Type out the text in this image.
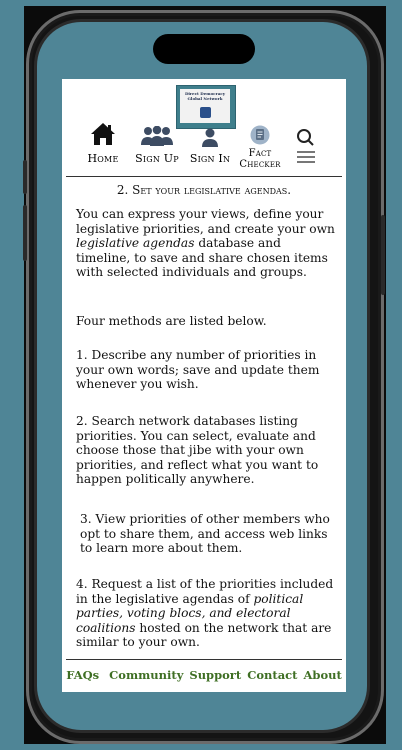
Direct Democracy
Global Network
Home	Sign Up Sign In	Fact
Checker
2. Set your legislative agendas.

You can express your views, define your legislative priorities, and create your own legislative agendas database and timeline, to save and share chosen items with selected individuals and groups.

Four methods are listed below.

1. Describe any number of priorities in your own words; save and update them whenever you wish.

2. Search network databases listing priorities. You can select, evaluate and choose those that jibe with your own priorities, and reflect what you want to happen politically anywhere.

3. View priorities of other members who opt to share them, and access web links to learn more about them.

4. Request a list of the priorities included in the legislative agendas of political parties, voting blocs, and electoral coalitions hosted on the network that are similar to your own.

FAQs Community Support Contact About
